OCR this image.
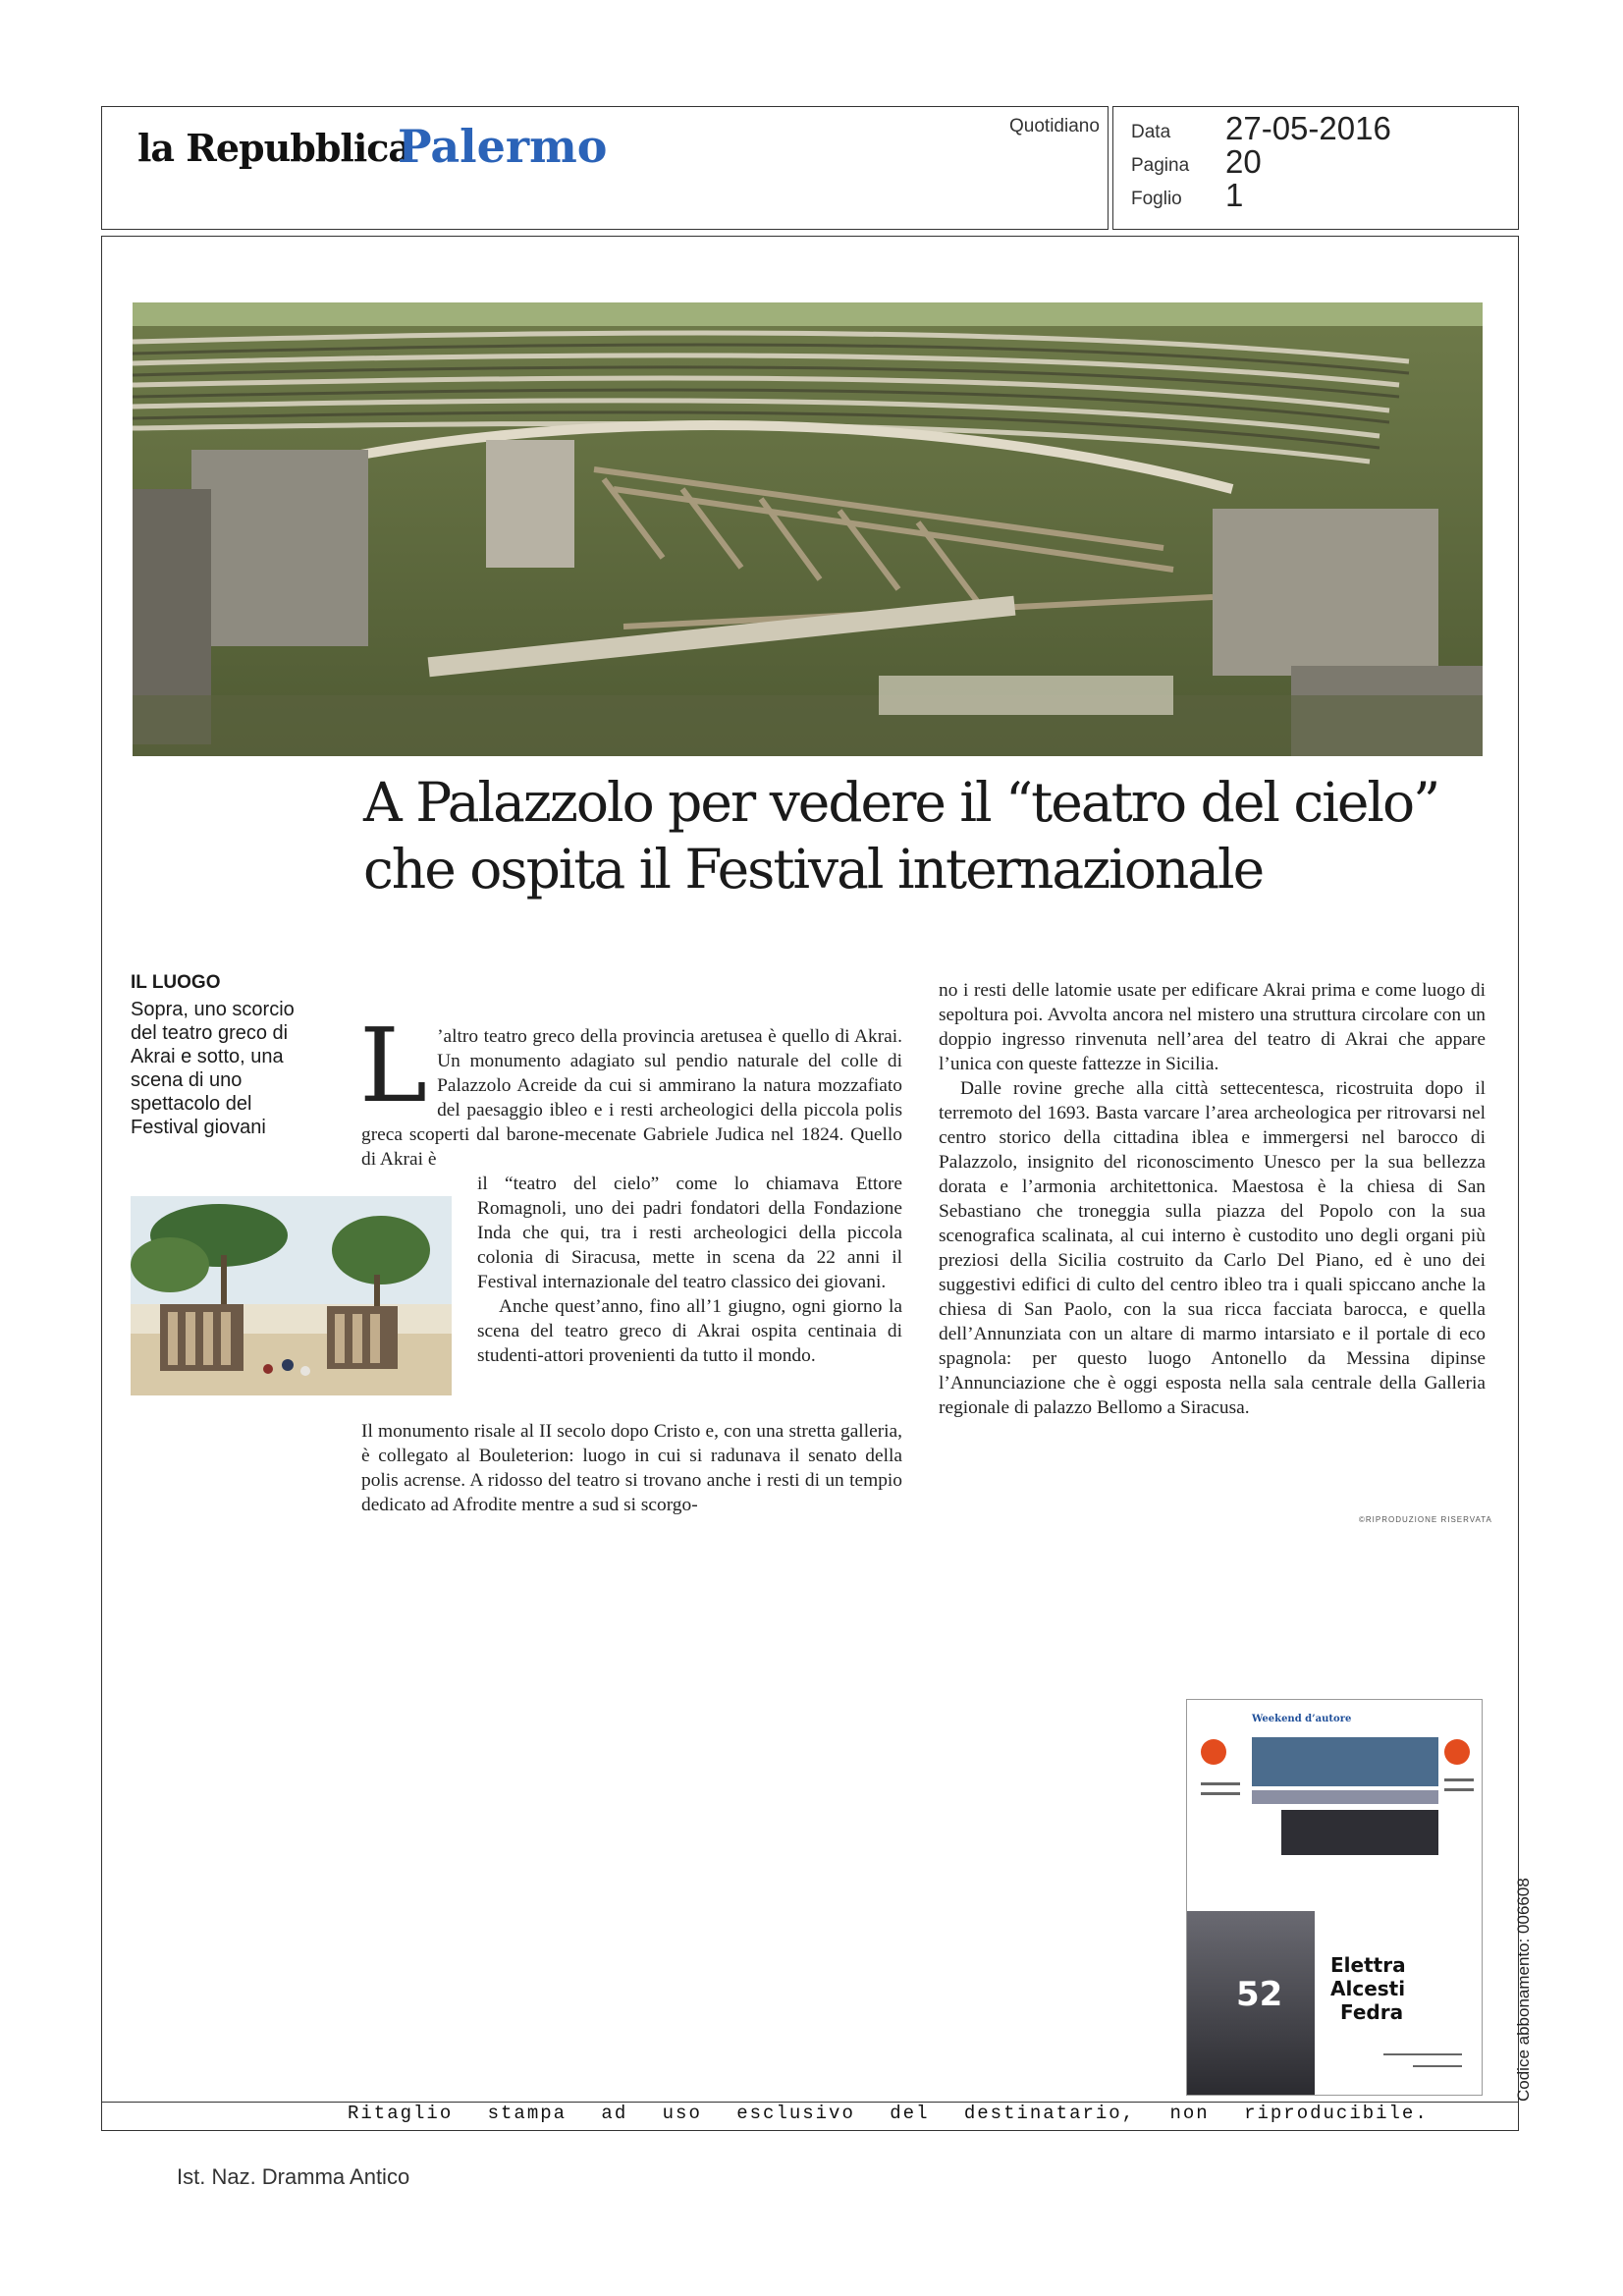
la Repubblica
Palermo	Quotidiano Data 27-05-2016
Pagina 20
Foglio 1
A Palazzolo per vedere il “teatro del cielo”
che ospita il Festival internazionale
IL LUOGO
Sopra, uno scorcio del teatro greco di Akrai e sotto, una scena di uno spettacolo del Festival giovani

L ’altro teatro greco della provincia aretusea è quello di Akrai. Un monumento adagiato sul pendio naturale del colle di Palazzolo Acreide da cui si ammirano la natura mozzafiato del paesaggio ibleo e i resti archeologici della piccola polis greca scoperti dal barone-mecenate Gabriele Judica nel 1824. Quello di Akrai è

il “teatro del cielo” come lo chiamava Ettore Romagnoli, uno dei padri fondatori della Fondazione Inda che qui, tra i resti archeologici della piccola colonia di Siracusa, mette in scena da 22 anni il Festival internazionale del teatro classico dei giovani.

Anche quest’anno, fino all’1 giugno, ogni giorno la scena del teatro greco di Akrai ospita centinaia di studenti-attori provenienti da tutto il mondo.

Il monumento risale al II secolo dopo Cristo e, con una stretta galleria, è collegato al Bouleterion: luogo in cui si radunava il senato della polis acrense. A ridosso del teatro si trovano anche i resti di un tempio dedicato ad Afrodite mentre a sud si scorgo-

no i resti delle latomie usate per edificare Akrai prima e come luogo di sepoltura poi. Avvolta ancora nel mistero una struttura circolare con un doppio ingresso rinvenuta nell’area del teatro di Akrai che appare l’unica con queste fattezze in Sicilia.

Dalle rovine greche alla città settecentesca, ricostruita dopo il terremoto del 1693. Basta varcare l’area archeologica per ritrovarsi nel centro storico della cittadina iblea e immergersi nel barocco di Palazzolo, insignito del riconoscimento Unesco per la sua bellezza dorata e l’armonia architettonica. Maestosa è la chiesa di San Sebastiano che troneggia sulla piazza del Popolo con la sua scenografica scalinata, al cui interno è custodito uno degli organi più preziosi della Sicilia costruito da Carlo Del Piano, ed è uno dei suggestivi edifici di culto del centro ibleo tra i quali spiccano anche la chiesa di San Paolo, con la sua ricca facciata barocca, e quella dell’Annunziata con un altare di marmo intarsiato e il portale di eco spagnola: per questo luogo Antonello da Messina dipinse l’Annunciazione che è oggi esposta nella sala centrale della Galleria regionale di palazzo Bellomo a Siracusa.

©RIPRODUZIONE RISERVATA
Weekend d’autore
52
Elettra
Alcesti
Fedra
Ritaglio stampa ad uso esclusivo del destinatario, non riproducibile.
Codice abbonamento: 006608
Ist. Naz. Dramma Antico
